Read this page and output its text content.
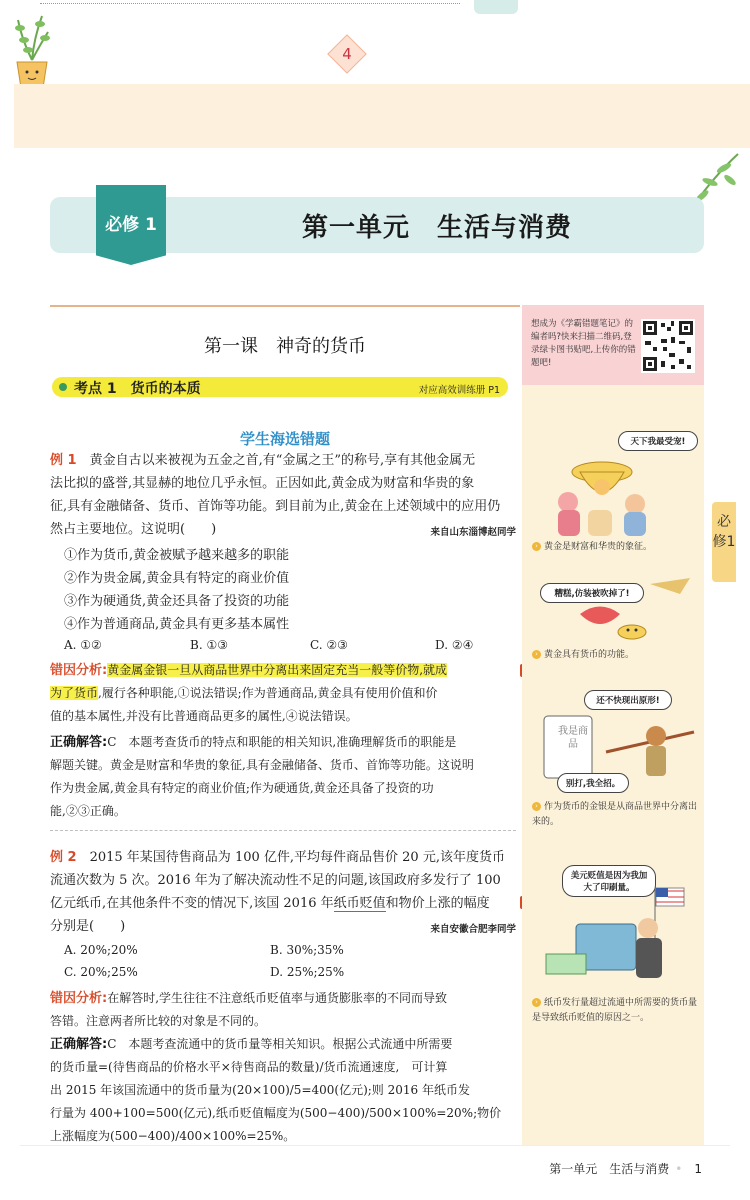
4
必修 1	第一单元　生活与消费
第一课　神奇的货币
考点 1　货币的本质	对应高效训练册 P1
学生海选错题
例 1　 黄金自古以来被视为五金之首,有“金属之王”的称号,享有其他金属无
法比拟的盛誉,其显赫的地位几乎永恒。正因如此,黄金成为财富和华贵的象
征,具有金融储备、货币、首饰等功能。到目前为止,黄金在上述领域中的应用仍
然占主要地位。这说明(　　)	来自山东淄博赵同学
①作为货币,黄金被赋予越来越多的职能
②作为贵金属,黄金具有特定的商业价值
③作为硬通货,黄金还具备了投资的功能
④作为普通商品,黄金具有更多基本属性
A. ①②	B. ①③	C. ②③	D. ②④
错因分析:黄金属金银一旦从商品世界中分离出来固定充当一般等价物,就成
为了货币,履行各种职能,①说法错误;作为普通商品,黄金具有使用价值和价
值的基本属性,并没有比普通商品更多的属性,④说法错误。
正确解答:C　本题考查货币的特点和职能的相关知识,准确理解货币的职能是
解题关键。黄金是财富和华贵的象征,具有金融储备、货币、首饰等功能。这说明
作为贵金属,黄金具有特定的商业价值;作为硬通货,黄金还具备了投资的功
能,②③正确。
例 2　 2015 年某国待售商品为 100 亿件,平均每件商品售价 20 元,该年度货币
流通次数为 5 次。2016 年为了解决流动性不足的问题,该国政府多发行了 100
亿元纸币,在其他条件不变的情况下,该国 2016 年纸币贬值和物价上涨的幅度
分别是(　　)	来自安徽合肥李同学
A. 20%;20%	B. 30%;35%
C. 20%;25%	D. 25%;25%
错因分析:在解答时,学生往往不注意纸币贬值率与通货膨胀率的不同而导致
答错。注意两者所比较的对象是不同的。
正确解答:C　本题考查流通中的货币量等相关知识。根据公式流通中所需要
的货币量=(待售商品的价格水平×待售商品的数量)/货币流通速度,　可计算
出 2015 年该国流通中的货币量为(20×100)/5=400(亿元);则 2016 年纸币发
行量为 400+100=500(亿元),纸币贬值幅度为(500−400)/500×100%=20%;物价
上涨幅度为(500−400)/400×100%=25%。
想成为《学霸错题笔记》的编者吗?快来扫描二维码,登录绿卡图书贴吧,上传你的错题吧!
天下我最受宠!
› 黄金是财富和华贵的象征。
糟糕,仿装被吹掉了!
› 黄金具有货币的功能。
还不快现出原形!
我是商品
别打,我全招。
› 作为货币的金银是从商品世界中分离出来的。
美元贬值是因为我加大了印刷量。
› 纸币发行量超过流通中所需要的货币量是导致纸币贬值的原因之一。
必修1
第一单元　生活与消费 • 1
